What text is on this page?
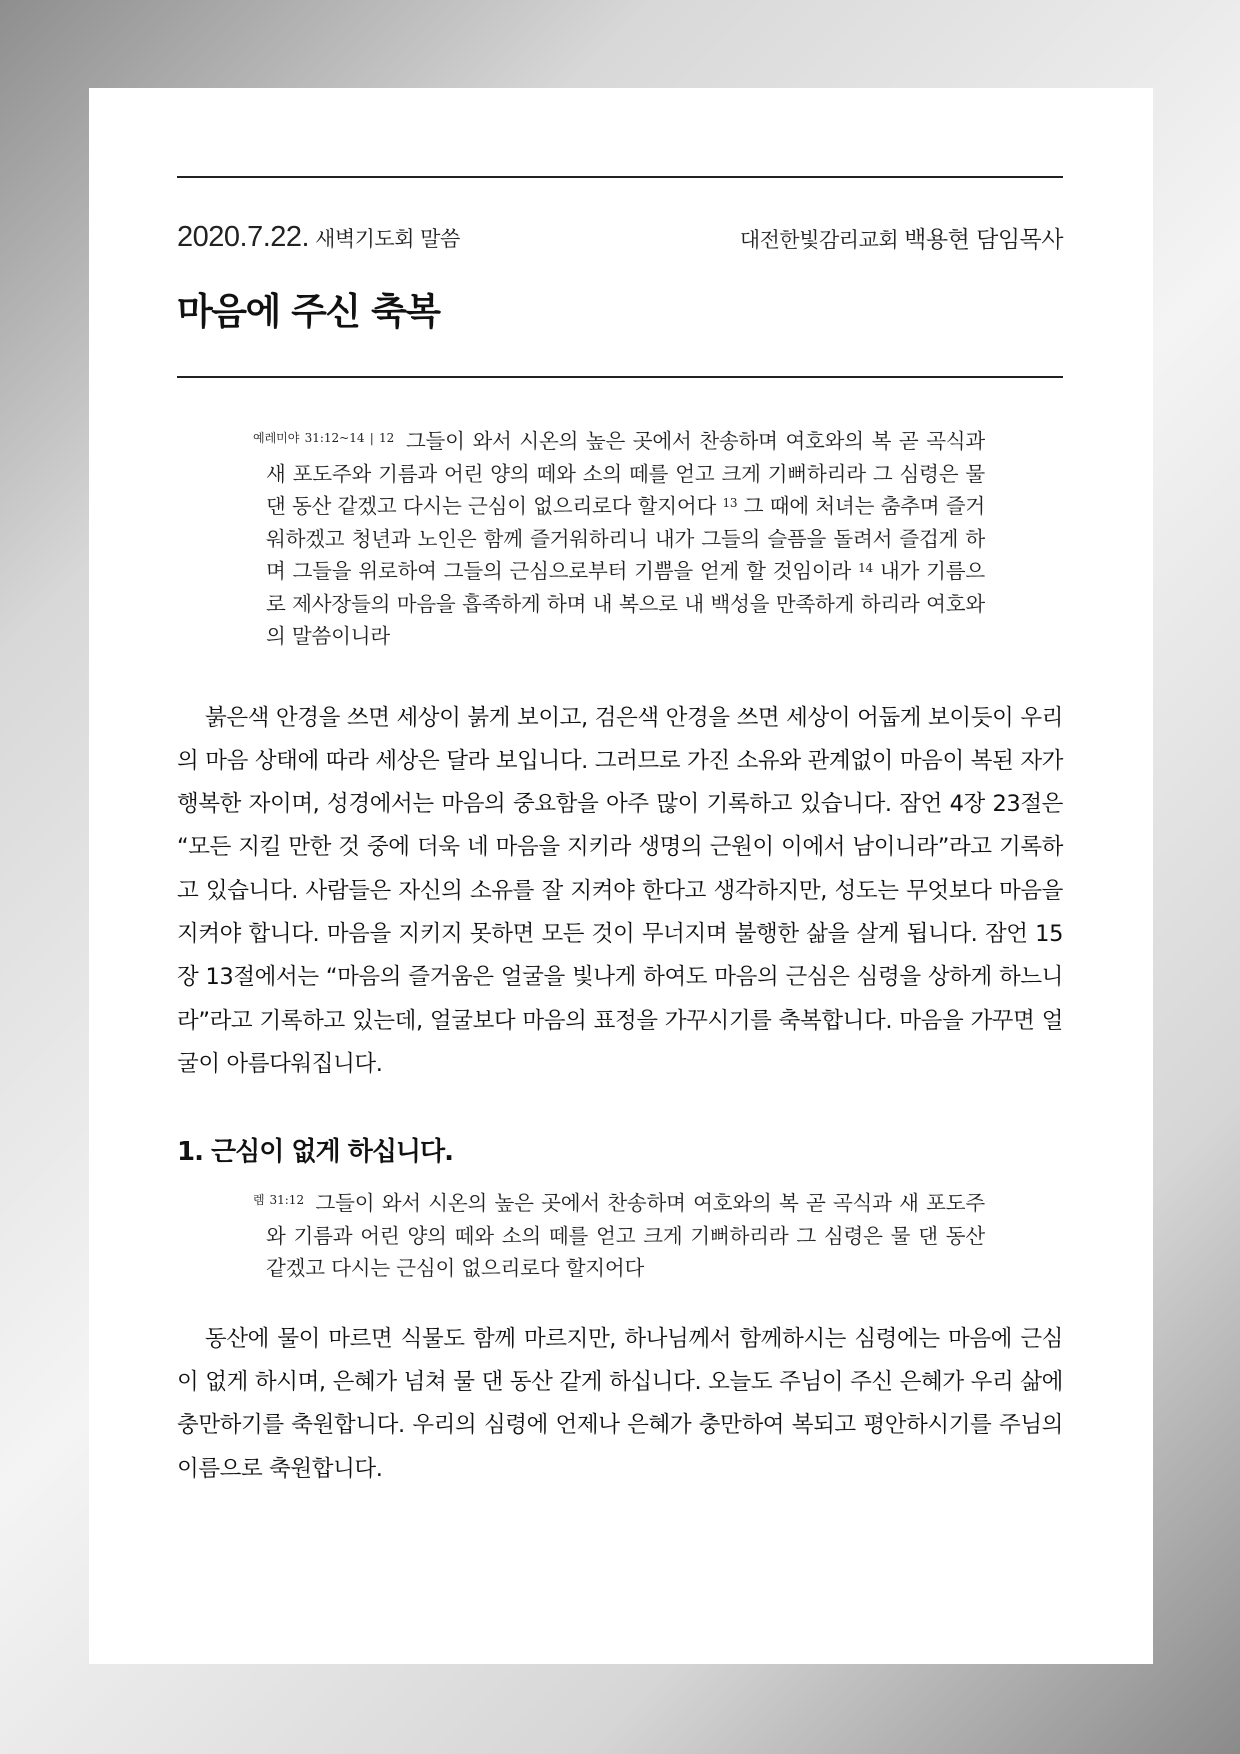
2020.7.22. 새벽기도회 말씀	대전한빛감리교회 백용현 담임목사
마음에 주신 축복
$^{예레미야 31:12\sim 14 | 12}$ 그들이 와서 시온의 높은 곳에서 찬송하며 여호와의 복 곧 곡식과 새 포도주와 기름과 어린 양의 떼와 소의 떼를 얻고 크게 기뻐하리라 그 심령은 물 댄 동산 같겠고 다시는 근심이 없으리로다 할지어다 $^{13}$ 그 때에 처녀는 춤추며 즐거워하겠고 청년과 노인은 함께 즐거워하리니 내가 그들의 슬픔을 돌려서 즐겁게 하며 그들을 위로하여 그들의 근심으로부터 기쁨을 얻게 할 것임이라 $^{14}$ 내가 기름으로 제사장들의 마음을 흡족하게 하며 내 복으로 내 백성을 만족하게 하리라 여호와의 말씀이니라

붉은색 안경을 쓰면 세상이 붉게 보이고, 검은색 안경을 쓰면 세상이 어둡게 보이듯이 우리의 마음 상태에 따라 세상은 달라 보입니다. 그러므로 가진 소유와 관계없이 마음이 복된 자가 행복한 자이며, 성경에서는 마음의 중요함을 아주 많이 기록하고 있습니다. 잠언 4장 23절은 “모든 지킬 만한 것 중에 더욱 네 마음을 지키라 생명의 근원이 이에서 남이니라”라고 기록하고 있습니다. 사람들은 자신의 소유를 잘 지켜야 한다고 생각하지만, 성도는 무엇보다 마음을 지켜야 합니다. 마음을 지키지 못하면 모든 것이 무너지며 불행한 삶을 살게 됩니다. 잠언 15장 13절에서는 “마음의 즐거움은 얼굴을 빛나게 하여도 마음의 근심은 심령을 상하게 하느니라”라고 기록하고 있는데, 얼굴보다 마음의 표정을 가꾸시기를 축복합니다. 마음을 가꾸면 얼굴이 아름다워집니다.

1. 근심이 없게 하십니다.
$^{렘 31:12}$ 그들이 와서 시온의 높은 곳에서 찬송하며 여호와의 복 곧 곡식과 새 포도주와 기름과 어린 양의 떼와 소의 떼를 얻고 크게 기뻐하리라 그 심령은 물 댄 동산 같겠고 다시는 근심이 없으리로다 할지어다

동산에 물이 마르면 식물도 함께 마르지만, 하나님께서 함께하시는 심령에는 마음에 근심이 없게 하시며, 은혜가 넘쳐 물 댄 동산 같게 하십니다. 오늘도 주님이 주신 은혜가 우리 삶에 충만하기를 축원합니다. 우리의 심령에 언제나 은혜가 충만하여 복되고 평안하시기를 주님의 이름으로 축원합니다.
